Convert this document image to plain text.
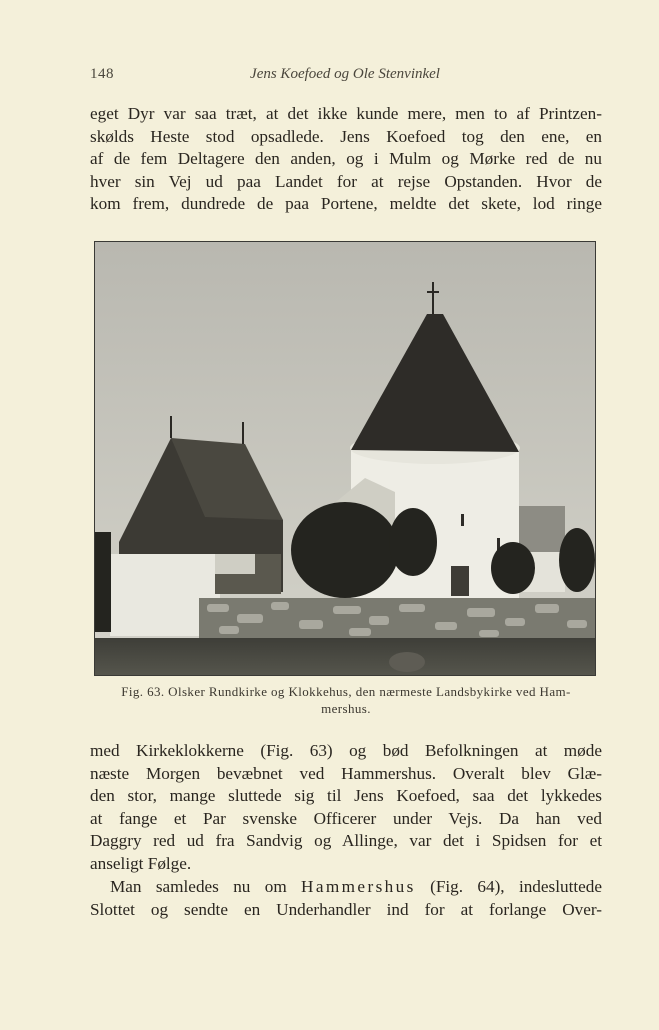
148	Jens Koefoed og Ole Stenvinkel
eget Dyr var saa træt, at det ikke kunde mere, men to af Printzen-
skølds Heste stod opsadlede. Jens Koefoed tog den ene, en
af de fem Deltagere den anden, og i Mulm og Mørke red de nu
hver sin Vej ud paa Landet for at rejse Opstanden. Hvor de
kom frem, dundrede de paa Portene, meldte det skete, lod ringe
Fig. 63. Olsker Rundkirke og Klokkehus, den nærmeste Landsbykirke ved Ham-
mershus.
med Kirkeklokkerne (Fig. 63) og bød Befolkningen at møde
næste Morgen bevæbnet ved Hammershus. Overalt blev Glæ-
den stor, mange sluttede sig til Jens Koefoed, saa det lykkedes
at fange et Par svenske Officerer under Vejs. Da han ved
Daggry red ud fra Sandvig og Allinge, var det i Spidsen for et
anseligt Følge.
Man samledes nu om Hammershus (Fig. 64), indesluttede
Slottet og sendte en Underhandler ind for at forlange Over-
